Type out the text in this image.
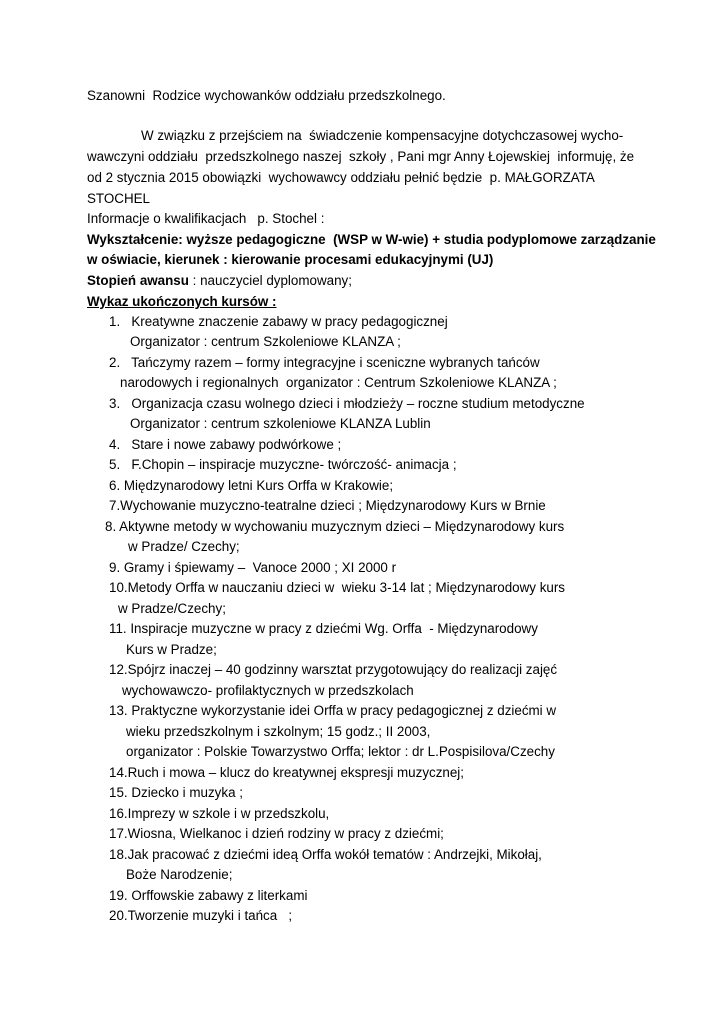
Szanowni  Rodzice wychowanków oddziału przedszkolnego.
W związku z przejściem na  świadczenie kompensacyjne dotychczasowej wycho-
wawczyni oddziału  przedszkolnego naszej  szkoły , Pani mgr Anny Łojewskiej  informuję, że
od 2 stycznia 2015 obowiązki  wychowawcy oddziału pełnić będzie  p. MAŁGORZATA
STOCHEL
Informacje o kwalifikacjach   p. Stochel :
Wykształcenie: wyższe pedagogiczne  (WSP w W-wie) + studia podyplomowe zarządzanie
w oświacie, kierunek : kierowanie procesami edukacyjnymi (UJ)
Stopień awansu : nauczyciel dyplomowany;
Wykaz ukończonych kursów :
1.   Kreatywne znaczenie zabawy w pracy pedagogicznej
Organizator : centrum Szkoleniowe KLANZA ;
2.   Tańczymy razem – formy integracyjne i sceniczne wybranych tańców
narodowych i regionalnych  organizator : Centrum Szkoleniowe KLANZA ;
3.   Organizacja czasu wolnego dzieci i młodzieży – roczne studium metodyczne
Organizator : centrum szkoleniowe KLANZA Lublin
4.   Stare i nowe zabawy podwórkowe ;
5.   F.Chopin – inspiracje muzyczne- twórczość- animacja ;
6. Międzynarodowy letni Kurs Orffa w Krakowie;
7.Wychowanie muzyczno-teatralne dzieci ; Międzynarodowy Kurs w Brnie
8. Aktywne metody w wychowaniu muzycznym dzieci – Międzynarodowy kurs
w Pradze/ Czechy;
9. Gramy i śpiewamy –  Vanoce 2000 ; XI 2000 r
10.Metody Orffa w nauczaniu dzieci w  wieku 3-14 lat ; Międzynarodowy kurs
w Pradze/Czechy;
11. Inspiracje muzyczne w pracy z dziećmi Wg. Orffa  - Międzynarodowy
Kurs w Pradze;
12.Spójrz inaczej – 40 godzinny warsztat przygotowujący do realizacji zajęć
wychowawczo- profilaktycznych w przedszkolach
13. Praktyczne wykorzystanie idei Orffa w pracy pedagogicznej z dziećmi w
wieku przedszkolnym i szkolnym; 15 godz.; II 2003,
organizator : Polskie Towarzystwo Orffa; lektor : dr L.Pospisilova/Czechy
14.Ruch i mowa – klucz do kreatywnej ekspresji muzycznej;
15. Dziecko i muzyka ;
16.Imprezy w szkole i w przedszkolu,
17.Wiosna, Wielkanoc i dzień rodziny w pracy z dziećmi;
18.Jak pracować z dziećmi ideą Orffa wokół tematów : Andrzejki, Mikołaj,
Boże Narodzenie;
19. Orffowskie zabawy z literkami
20.Tworzenie muzyki i tańca   ;
